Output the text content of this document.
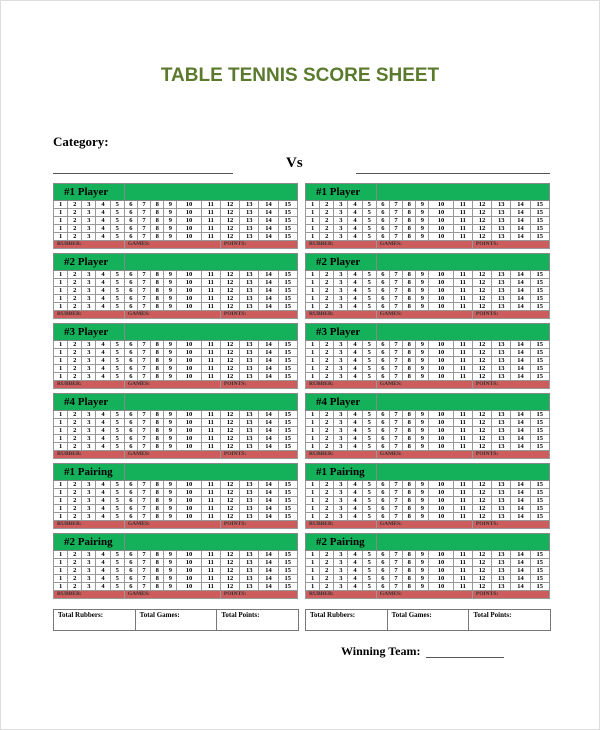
TABLE TENNIS SCORE SHEET
Category:
Vs
#1 Player														
1	2	3	4	5	6	7	8	9	10	11	12	13	14	15
1	2	3	4	5	6	7	8	9	10	11	12	13	14	15
1	2	3	4	5	6	7	8	9	10	11	12	13	14	15
1	2	3	4	5	6	7	8	9	10	11	12	13	14	15
1	2	3	4	5	6	7	8	9	10	11	12	13	14	15
RUBBER:					GAMES:						POINTS:			
#1 Player														
1	2	3	4	5	6	7	8	9	10	11	12	13	14	15
1	2	3	4	5	6	7	8	9	10	11	12	13	14	15
1	2	3	4	5	6	7	8	9	10	11	12	13	14	15
1	2	3	4	5	6	7	8	9	10	11	12	13	14	15
1	2	3	4	5	6	7	8	9	10	11	12	13	14	15
RUBBER:					GAMES:						POINTS:			
#2 Player														
1	2	3	4	5	6	7	8	9	10	11	12	13	14	15
1	2	3	4	5	6	7	8	9	10	11	12	13	14	15
1	2	3	4	5	6	7	8	9	10	11	12	13	14	15
1	2	3	4	5	6	7	8	9	10	11	12	13	14	15
1	2	3	4	5	6	7	8	9	10	11	12	13	14	15
RUBBER:					GAMES:						POINTS:			
#2 Player														
1	2	3	4	5	6	7	8	9	10	11	12	13	14	15
1	2	3	4	5	6	7	8	9	10	11	12	13	14	15
1	2	3	4	5	6	7	8	9	10	11	12	13	14	15
1	2	3	4	5	6	7	8	9	10	11	12	13	14	15
1	2	3	4	5	6	7	8	9	10	11	12	13	14	15
RUBBER:					GAMES:						POINTS:			
#3 Player														
1	2	3	4	5	6	7	8	9	10	11	12	13	14	15
1	2	3	4	5	6	7	8	9	10	11	12	13	14	15
1	2	3	4	5	6	7	8	9	10	11	12	13	14	15
1	2	3	4	5	6	7	8	9	10	11	12	13	14	15
1	2	3	4	5	6	7	8	9	10	11	12	13	14	15
RUBBER:					GAMES:						POINTS:			
#3 Player														
1	2	3	4	5	6	7	8	9	10	11	12	13	14	15
1	2	3	4	5	6	7	8	9	10	11	12	13	14	15
1	2	3	4	5	6	7	8	9	10	11	12	13	14	15
1	2	3	4	5	6	7	8	9	10	11	12	13	14	15
1	2	3	4	5	6	7	8	9	10	11	12	13	14	15
RUBBER:					GAMES:						POINTS:			
#4 Player														
1	2	3	4	5	6	7	8	9	10	11	12	13	14	15
1	2	3	4	5	6	7	8	9	10	11	12	13	14	15
1	2	3	4	5	6	7	8	9	10	11	12	13	14	15
1	2	3	4	5	6	7	8	9	10	11	12	13	14	15
1	2	3	4	5	6	7	8	9	10	11	12	13	14	15
RUBBER:					GAMES:						POINTS:			
#4 Player														
1	2	3	4	5	6	7	8	9	10	11	12	13	14	15
1	2	3	4	5	6	7	8	9	10	11	12	13	14	15
1	2	3	4	5	6	7	8	9	10	11	12	13	14	15
1	2	3	4	5	6	7	8	9	10	11	12	13	14	15
1	2	3	4	5	6	7	8	9	10	11	12	13	14	15
RUBBER:					GAMES:						POINTS:			
#1 Pairing														
1	2	3	4	5	6	7	8	9	10	11	12	13	14	15
1	2	3	4	5	6	7	8	9	10	11	12	13	14	15
1	2	3	4	5	6	7	8	9	10	11	12	13	14	15
1	2	3	4	5	6	7	8	9	10	11	12	13	14	15
1	2	3	4	5	6	7	8	9	10	11	12	13	14	15
RUBBER:					GAMES:						POINTS:			
#1 Pairing														
1	2	3	4	5	6	7	8	9	10	11	12	13	14	15
1	2	3	4	5	6	7	8	9	10	11	12	13	14	15
1	2	3	4	5	6	7	8	9	10	11	12	13	14	15
1	2	3	4	5	6	7	8	9	10	11	12	13	14	15
1	2	3	4	5	6	7	8	9	10	11	12	13	14	15
RUBBER:					GAMES:						POINTS:			
#2 Pairing														
1	2	3	4	5	6	7	8	9	10	11	12	13	14	15
1	2	3	4	5	6	7	8	9	10	11	12	13	14	15
1	2	3	4	5	6	7	8	9	10	11	12	13	14	15
1	2	3	4	5	6	7	8	9	10	11	12	13	14	15
1	2	3	4	5	6	7	8	9	10	11	12	13	14	15
RUBBER:					GAMES:						POINTS:			
#2 Pairing														
1	2	3	4	5	6	7	8	9	10	11	12	13	14	15
1	2	3	4	5	6	7	8	9	10	11	12	13	14	15
1	2	3	4	5	6	7	8	9	10	11	12	13	14	15
1	2	3	4	5	6	7	8	9	10	11	12	13	14	15
1	2	3	4	5	6	7	8	9	10	11	12	13	14	15
RUBBER:					GAMES:						POINTS:			
Total Rubbers:	Total Games:	Total Points:	Total Rubbers:	Total Games:	Total Points:
Winning Team:
